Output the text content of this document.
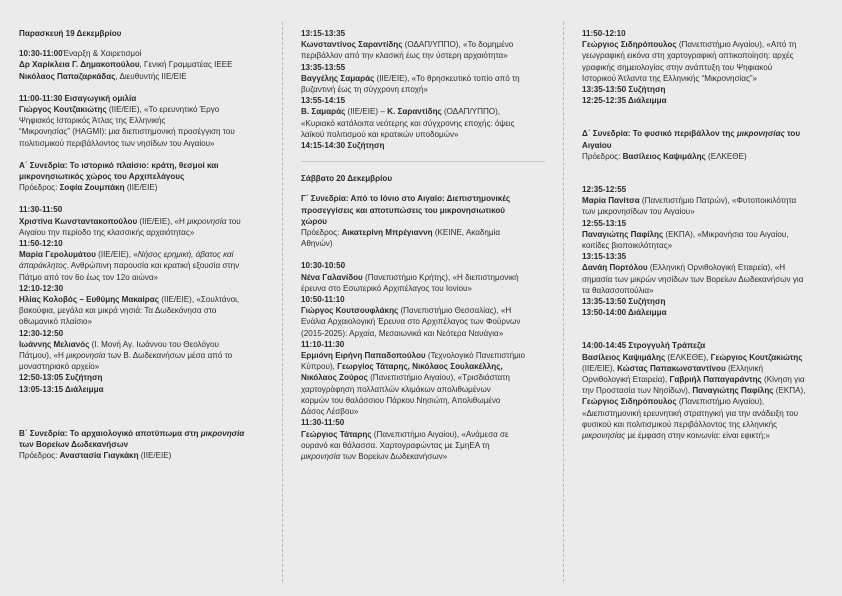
Παρασκευή 19 Δεκεμβρίου
10:30-11:00Έναρξη & Χαιρετισμοί
Δρ Χαρίκλεια Γ. Δημακοπούλου, Γενική Γραμματέας IEEE
Νικόλαος Παπαζαρκάδας, Διευθυντής IIE/EIE
11:00-11:30 Εισαγωγική ομιλία
Γιώργος Κουτζακιώτης (IIE/EIE), «Το ερευνητικό Έργο
Ψηφιακός Ιστορικός Άτλας της Ελληνικής
“Μικρονησίας” (HAGMI): μια διεπιστημονική προσέγγιση του
πολιτισμικού περιβάλλοντος των νησίδων του Αιγαίου»
Α΄ Συνεδρία: Το ιστορικό πλαίσιο: κράτη, θεσμοί και
μικρονησιωτικός χώρος του Αρχιπελάγους
Πρόεδρος: Σοφία Ζουμπάκη (IIE/EIE)
11:30-11:50
Χριστίνα Κωνσταντακοπούλου (IIE/EIE), «Η μικρονησία του
Αιγαίου την περίοδο της κλασσικής αρχαιότητας»
11:50-12:10
Μαρία Γερολυμάτου (IIE/EIE), «Νήσος ερημική, άβατος καί
άπαράκλητος. Ανθρώπινη παρουσία και κρατική εξουσία στην
Πάτμο από τον 6ο έως τον 12ο αιώνα»
12:10-12:30
Ηλίας Κολοβός – Ευθύμης Μακαίρας (IIE/EIE), «Σουλτάνοι,
βακούφια, μεγάλα και μικρά νησιά: Τα Δωδεκάνησα στο
οθωμανικό πλαίσιο»
12:30-12:50
Ιωάννης Μελιανός (Ι. Μονή Αγ. Ιωάννου του Θεολόγου
Πάτμου), «Η μικρονησία των Β. Δωδεκανήσων μέσα από το
μοναστηριακό αρχείο»
12:50-13:05 Συζήτηση
13:05-13:15 Διάλειμμα
Β΄ Συνεδρία: Το αρχαιολογικό αποτύπωμα στη μικρονησία
των Βορείων Δωδεκανήσων
Πρόεδρος: Αναστασία Γιαγκάκη (IIE/EIE)
13:15-13:35
Κωνσταντίνος Σαραντίδης (ΟΔΑΠ/ΥΠΠΟ), «Το δομημένο
περιβάλλον από την κλασική έως την ύστερη αρχαιότητα»
13:35-13:55
Βαγγέλης Σαμαράς (IIE/EIE), «Το θρησκευτικό τοπίο από τη
βυζαντινή έως τη σύγχρονη εποχή»
13:55-14:15
Β. Σαμαράς (IIE/EIE) – Κ. Σαραντίδης (ΟΔΑΠ/ΥΠΠΟ),
«Κυριακό κατάλοιπα νεότερης και σύγχρονης εποχής: όψεις
λαϊκού πολιτισμού και κρατικών υποδομών»
14:15-14:30 Συζήτηση
Σάββατο 20 Δεκεμβρίου
Γ΄ Συνεδρία: Από το Ιόνιο στο Αιγαίο: Διεπιστημονικές
προσεγγίσεις και αποτυπώσεις του μικρονησιωτικού
χώρου
Πρόεδρος: Αικατερίνη Μπρέγιαννη (ΚΕΙΝΕ, Ακαδημία
Αθηνών)
10:30-10:50
Νένα Γαλανίδου (Πανεπιστήμιο Κρήτης), «Η διεπιστημονική
έρευνα στο Εσωτερικό Αρχιπέλαγος του Ιονίου»
10:50-11:10
Γιώργος Κουτσουφλάκης (Πανεπιστήμιο Θεσσαλίας), «Η
Ενάλια Αρχαιολογική Έρευνα στο Αρχιπέλαγος των Φούρνων
(2015-2025): Αρχαία, Μεσαιωνικά και Νεότερα Ναυάγια»
11:10-11:30
Ερμιόνη Ειρήνη Παπαδοπούλου (Τεχνολογικό Πανεπιστήμιο
Κύπρου), Γεωργίος Τάταρης, Νικόλαος Σουλακέλλης,
Νικόλαος Ζούρος (Πανεπιστήμιο Αιγαίου), «Τρισδιάστατη
χαρτογράφηση πολλαπλών κλιμάκων απολιθωμένων
κορμών του θαλάσσιου Πάρκου Νησιώτη, Απολιθωμένο
Δάσος Λέσβου»
11:30-11:50
Γεώργιος Τάταρης (Πανεπιστήμιο Αιγαίου), «Ανάμεσα σε
ουρανό και θάλασσα. Χαρτογραφώντας με ΣμηΕΑ τη
μικρονησία των Βορείων Δωδεκανήσων»
11:50-12:10
Γεώργιος Σιδηρόπουλος (Πανεπιστήμιο Αιγαίου), «Από τη
γεωγραφική εικόνα στη χαρτογραφική οπτικοποίηση: αρχές
γραφικής σημειολογίας στην ανάπτυξη του Ψηφιακού
Ιστορικού Άτλαντα της Ελληνικής “Μικρονησίας”»
13:35-13:50 Συζήτηση
12:25-12:35 Διάλειμμα
Δ΄ Συνεδρία: Το φυσικό περιβάλλον της μικρονησίας του
Αιγαίου
Πρόεδρος: Βασίλειος Καψιμάλης (ΕΛΚΕΘΕ)
12:35-12:55
Μαρία Πανίτσα (Πανεπιστήμιο Πατρών), «Φυτοποικιλότητα
των μικρονησίδων του Αιγαίου»
12:55-13:15
Παναγιώτης Παφίλης (ΕΚΠΑ), «Μικρονήσια του Αιγαίου,
κοιτίδες βιοποικιλότητας»
13:15-13:35
Δανάη Πορτόλου (Ελληνική Ορνιθολογική Εταιρεία), «Η
σημασία των μικρών νησίδων των Βορείων Δωδεκανήσων για
τα θαλασσοπούλια»
13:35-13:50 Συζήτηση
13:50-14:00 Διάλειμμα
14:00-14:45 Στρογγυλή Τράπεζα
Βασίλειος Καψιμάλης (ΕΛΚΕΘΕ), Γεώργιος Κουτζακιώτης
(IIE/EIE), Κώστας Παπακωνσταντίνου (Ελληνική
Ορνιθολογική Εταιρεία), Γαβριήλ Παπαγαράντης (Κίνηση για
την Προστασία των Νησίδων), Παναγιώτης Παφίλης (ΕΚΠΑ),
Γεώργιος Σιδηρόπουλος (Πανεπιστήμιο Αιγαίου),
«Διεπιστημονική ερευνητική στρατηγική για την ανάδειξη του
φυσικού και πολιτισμικού περιβάλλοντος της ελληνικής
μικρονησίας με έμφαση στην κοινωνία: είναι εφικτή;»
